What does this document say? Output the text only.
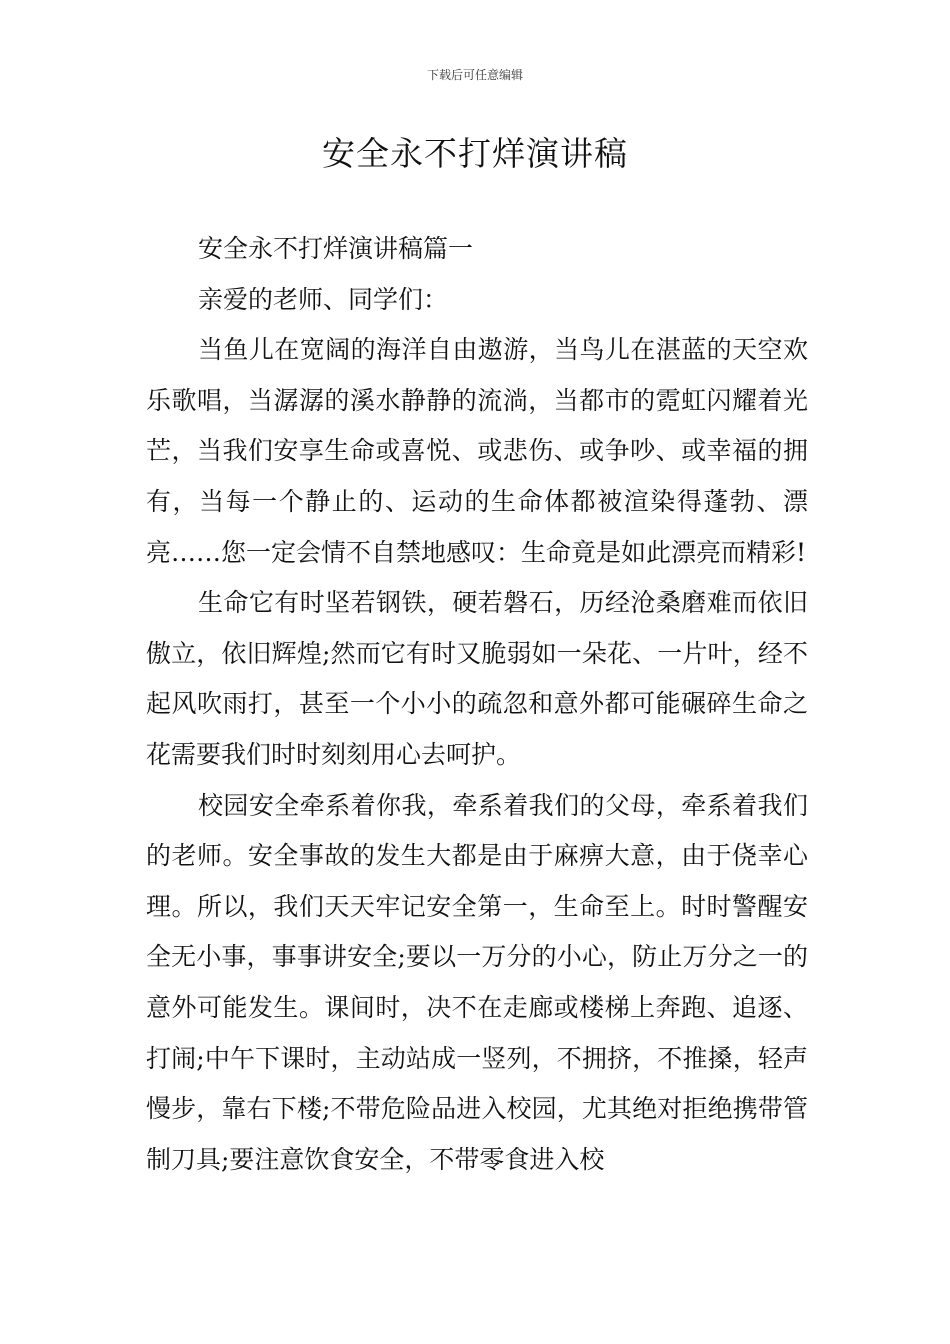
下载后可任意编辑
安全永不打烊演讲稿

安全永不打烊演讲稿篇一

亲爱的老师、同学们：

当鱼儿在宽阔的海洋自由遨游，当鸟儿在湛蓝的天空欢乐歌唱，当潺潺的溪水静静的流淌，当都市的霓虹闪耀着光芒，当我们安享生命或喜悦、或悲伤、或争吵、或幸福的拥有，当每一个静止的、运动的生命体都被渲染得蓬勃、漂亮……您一定会情不自禁地感叹：生命竟是如此漂亮而精彩!

生命它有时坚若钢铁，硬若磐石，历经沧桑磨难而依旧傲立，依旧辉煌;然而它有时又脆弱如一朵花、一片叶，经不起风吹雨打，甚至一个小小的疏忽和意外都可能碾碎生命之花需要我们时时刻刻用心去呵护。

校园安全牵系着你我，牵系着我们的父母，牵系着我们的老师。安全事故的发生大都是由于麻痹大意，由于侥幸心理。所以，我们天天牢记安全第一，生命至上。时时警醒安全无小事，事事讲安全;要以一万分的小心，防止万分之一的意外可能发生。课间时，决不在走廊或楼梯上奔跑、追逐、打闹;中午下课时，主动站成一竖列，不拥挤，不推搡，轻声慢步，靠右下楼;不带危险品进入校园，尤其绝对拒绝携带管制刀具;要注意饮食安全，不带零食进入校
